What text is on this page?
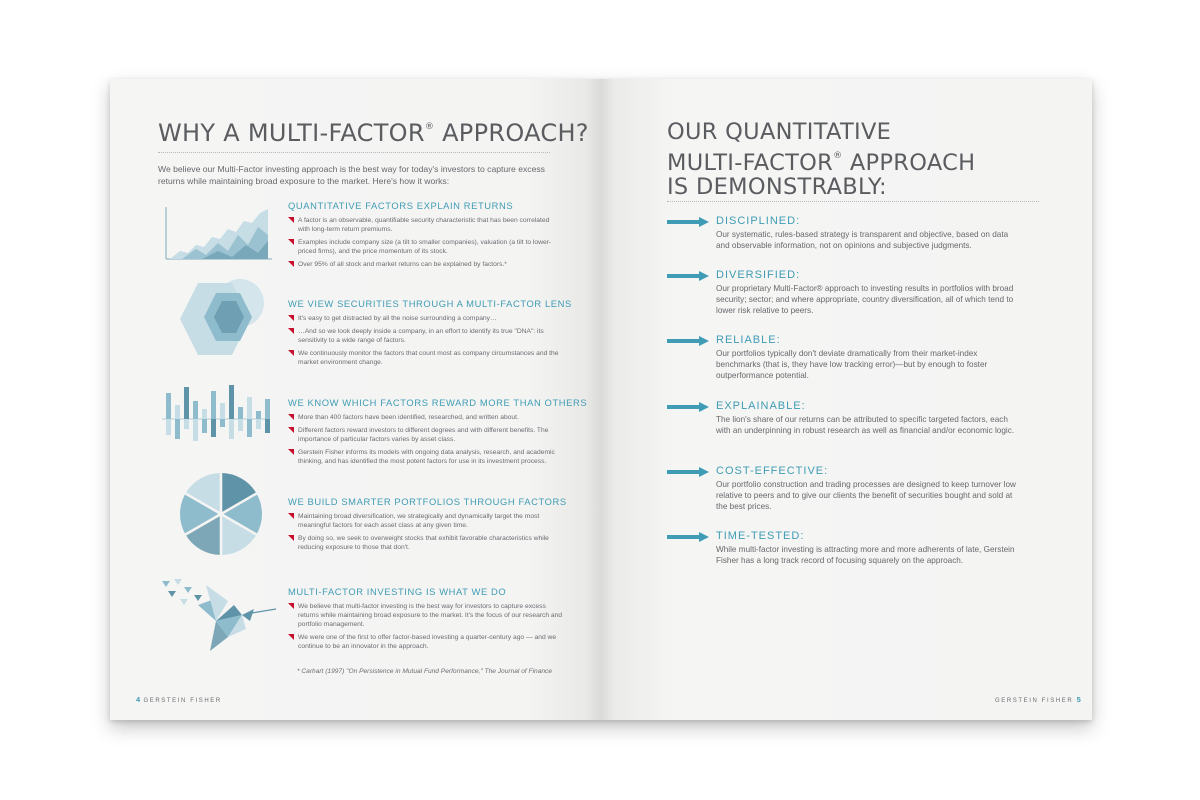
WHY A MULTI-FACTOR® APPROACH?

We believe our Multi-Factor investing approach is the best way for today's investors to capture excess returns while maintaining broad exposure to the market. Here's how it works:

QUANTITATIVE FACTORS EXPLAIN RETURNS
A factor is an observable, quantifiable security characteristic that has been correlated with long-term return premiums.
Examples include company size (a tilt to smaller companies), valuation (a tilt to lower-priced firms), and the price momentum of its stock.
Over 95% of all stock and market returns can be explained by factors.*
WE VIEW SECURITIES THROUGH A MULTI-FACTOR LENS
It's easy to get distracted by all the noise surrounding a company…
…And so we look deeply inside a company, in an effort to identify its true "DNA": its sensitivity to a wide range of factors.
We continuously monitor the factors that count most as company circumstances and the market environment change.
WE KNOW WHICH FACTORS REWARD MORE THAN OTHERS
More than 400 factors have been identified, researched, and written about.
Different factors reward investors to different degrees and with different benefits. The importance of particular factors varies by asset class.
Gerstein Fisher informs its models with ongoing data analysis, research, and academic thinking, and has identified the most potent factors for use in its investment process.
WE BUILD SMARTER PORTFOLIOS THROUGH FACTORS
Maintaining broad diversification, we strategically and dynamically target the most meaningful factors for each asset class at any given time.
By doing so, we seek to overweight stocks that exhibit favorable characteristics while reducing exposure to those that don't.
MULTI-FACTOR INVESTING IS WHAT WE DO
We believe that multi-factor investing is the best way for investors to capture excess returns while maintaining broad exposure to the market. It's the focus of our research and portfolio management.
We were one of the first to offer factor-based investing a quarter-century ago — and we continue to be an innovator in the approach.
* Carhart (1997) "On Persistence in Mutual Fund Performance," The Journal of Finance
4 GERSTEIN FISHER
OUR QUANTITATIVE
MULTI-FACTOR® APPROACH
IS DEMONSTRABLY:
DISCIPLINED:
Our systematic, rules-based strategy is transparent and objective, based on data and observable information, not on opinions and subjective judgments.
DIVERSIFIED:
Our proprietary Multi-Factor® approach to investing results in portfolios with broad security; sector; and where appropriate, country diversification, all of which tend to lower risk relative to peers.
RELIABLE:
Our portfolios typically don't deviate dramatically from their market-index benchmarks (that is, they have low tracking error)—but by enough to foster outperformance potential.
EXPLAINABLE:
The lion's share of our returns can be attributed to specific targeted factors, each with an underpinning in robust research as well as financial and/or economic logic.
COST-EFFECTIVE:
Our portfolio construction and trading processes are designed to keep turnover low relative to peers and to give our clients the benefit of securities bought and sold at the best prices.
TIME-TESTED:
While multi-factor investing is attracting more and more adherents of late, Gerstein Fisher has a long track record of focusing squarely on the approach.
GERSTEIN FISHER 5
